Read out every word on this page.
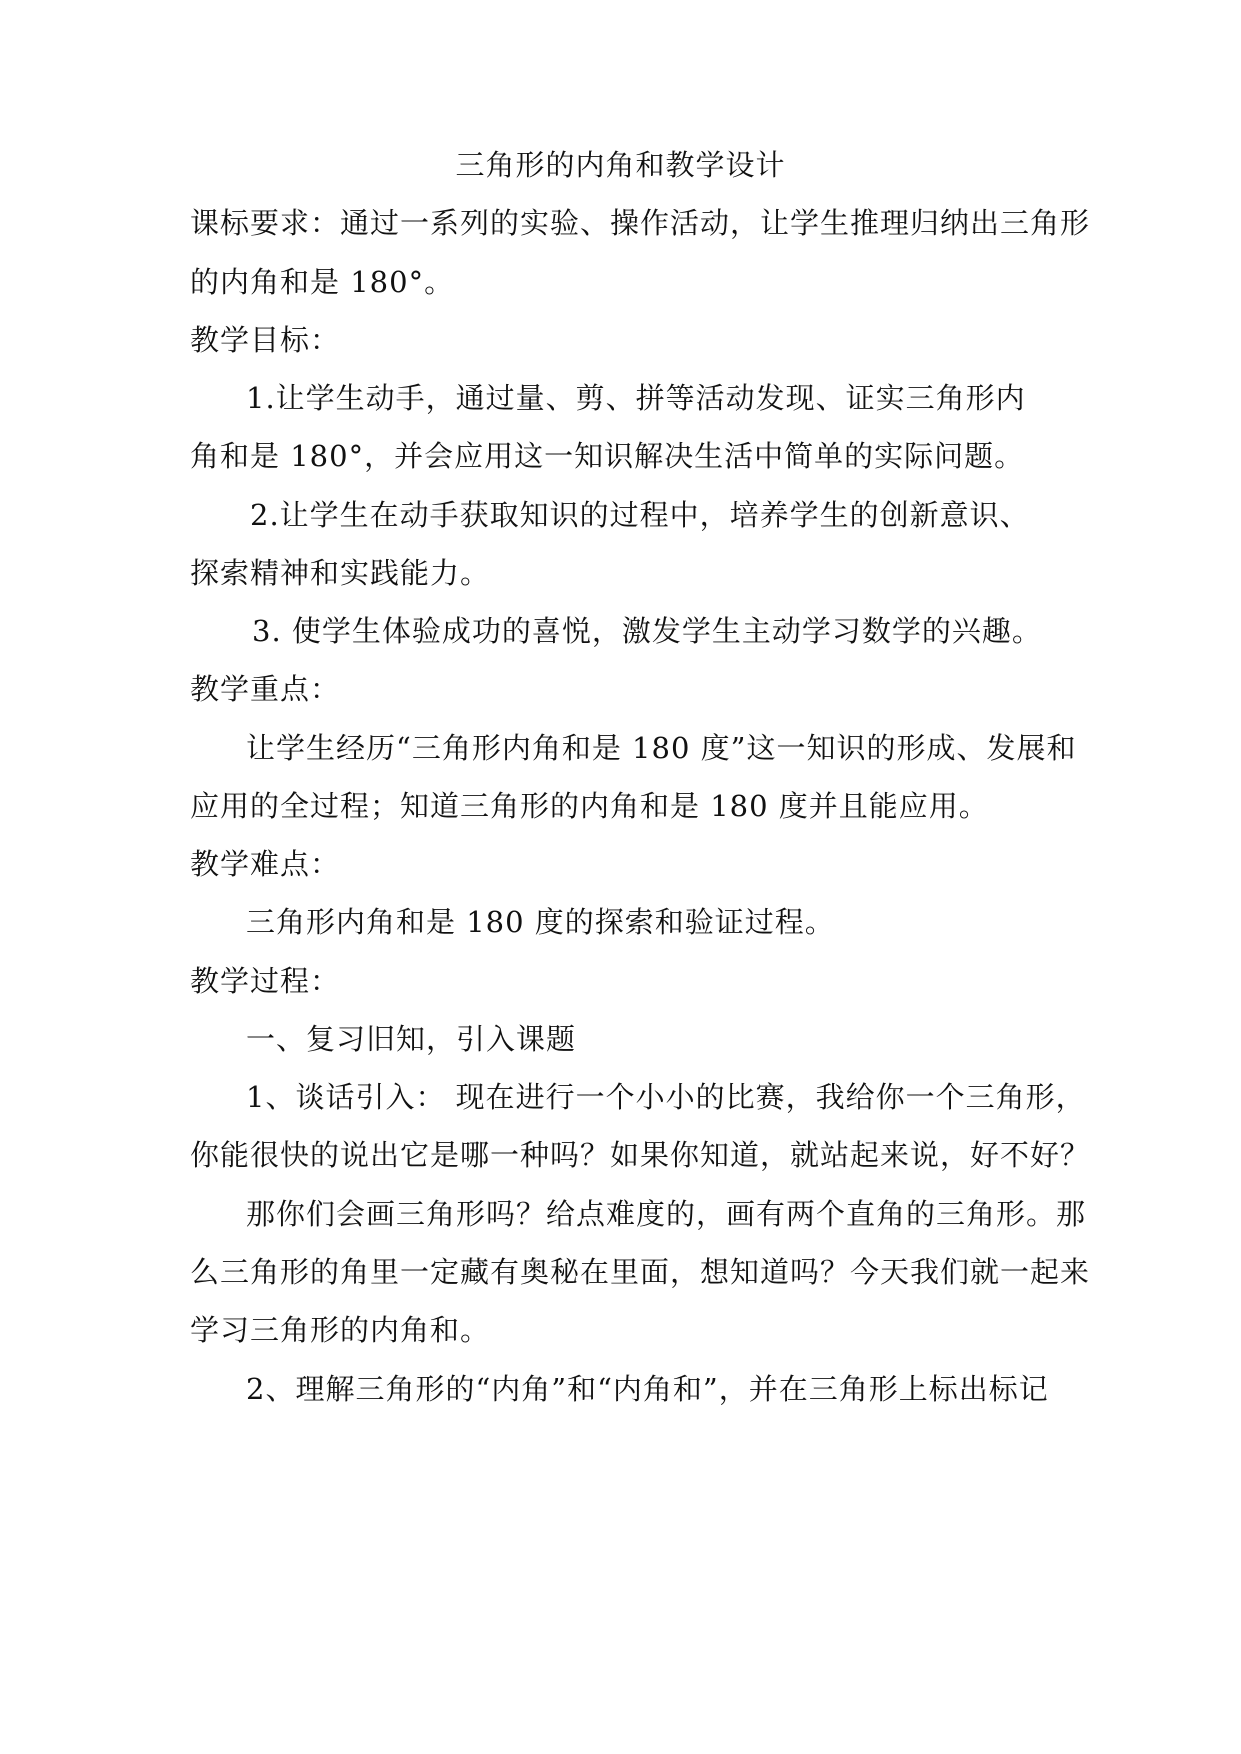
三角形的内角和教学设计
课标要求：通过一系列的实验、操作活动，让学生推理归纳出三角形
的内角和是 180°。
教学目标：
1.让学生动手，通过量、剪、拼等活动发现、证实三角形内
角和是 180°，并会应用这一知识解决生活中简单的实际问题。
2.让学生在动手获取知识的过程中，培养学生的创新意识、
探索精神和实践能力。
3. 使学生体验成功的喜悦，激发学生主动学习数学的兴趣。
教学重点：
让学生经历“三角形内角和是 180 度”这一知识的形成、发展和
应用的全过程；知道三角形的内角和是 180 度并且能应用。
教学难点：
三角形内角和是 180 度的探索和验证过程。
教学过程：
一、复习旧知，引入课题
1、谈话引入： 现在进行一个小小的比赛，我给你一个三角形，
你能很快的说出它是哪一种吗？如果你知道，就站起来说，好不好？
那你们会画三角形吗？给点难度的，画有两个直角的三角形。那
么三角形的角里一定藏有奥秘在里面，想知道吗？今天我们就一起来
学习三角形的内角和。
2、理解三角形的“内角”和“内角和”，并在三角形上标出标记
